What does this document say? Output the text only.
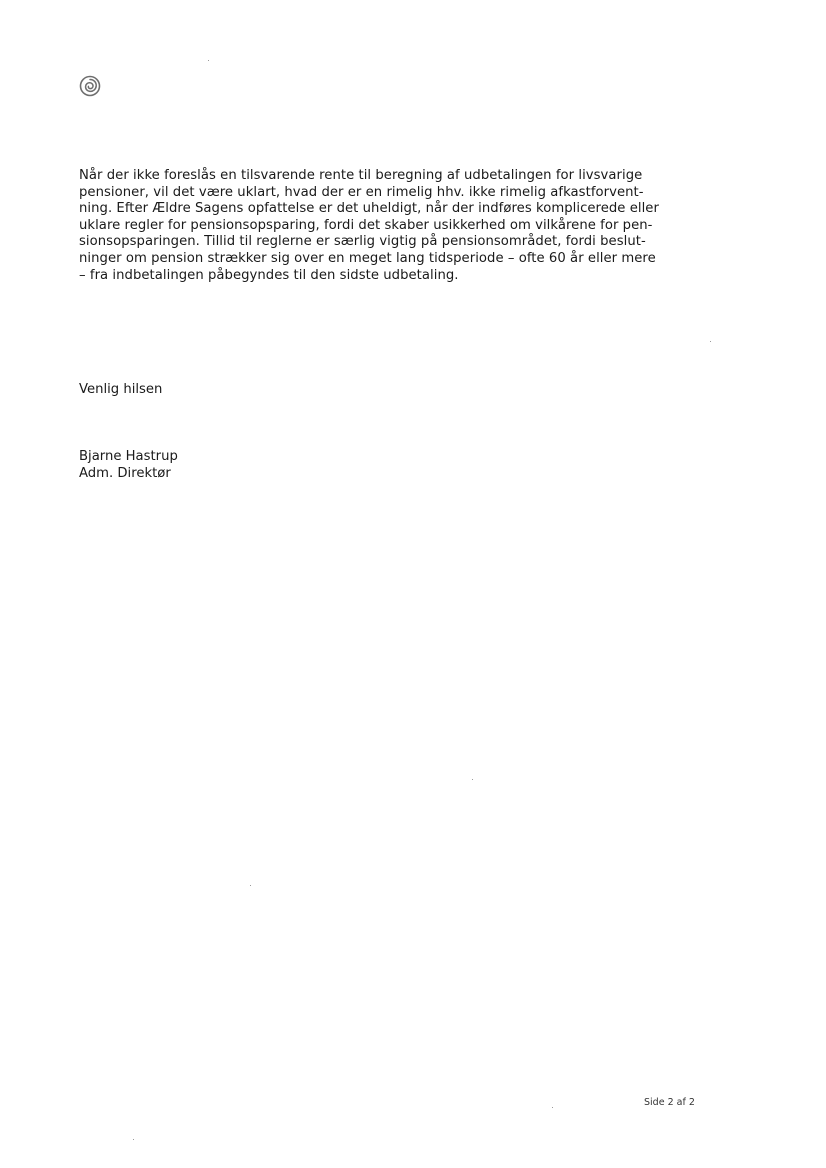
Når der ikke foreslås en tilsvarende rente til beregning af udbetalingen for livsvarige
pensioner, vil det være uklart, hvad der er en rimelig hhv. ikke rimelig afkastforvent-
ning. Efter Ældre Sagens opfattelse er det uheldigt, når der indføres komplicerede eller
uklare regler for pensionsopsparing, fordi det skaber usikkerhed om vilkårene for pen-
sionsopsparingen. Tillid til reglerne er særlig vigtig på pensionsområdet, fordi beslut-
ninger om pension strækker sig over en meget lang tidsperiode – ofte 60 år eller mere
– fra indbetalingen påbegyndes til den sidste udbetaling.
Venlig hilsen
Bjarne Hastrup
Adm. Direktør
Side 2 af 2
